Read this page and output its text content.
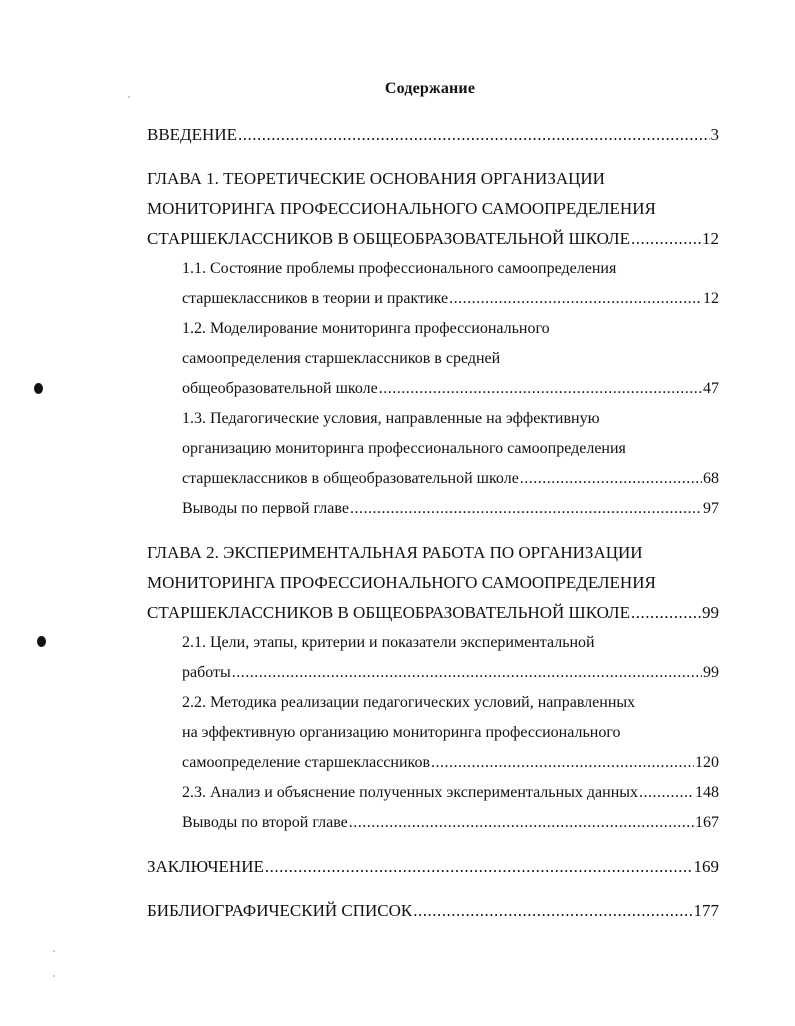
Содержание
ВВЕДЕНИЕ .....	3
ГЛАВА 1. ТЕОРЕТИЧЕСКИЕ ОСНОВАНИЯ ОРГАНИЗАЦИИ
МОНИТОРИНГА ПРОФЕССИОНАЛЬНОГО САМООПРЕДЕЛЕНИЯ
СТАРШЕКЛАССНИКОВ В ОБЩЕОБРАЗОВАТЕЛЬНОЙ ШКОЛЕ .....	12
1.1. Состояние проблемы профессионального самоопределения
старшеклассников в теории и практике .....	12
1.2. Моделирование мониторинга профессионального
самоопределения старшеклассников в средней
общеобразовательной школе .....	47
1.3. Педагогические условия, направленные на эффективную
организацию мониторинга профессионального самоопределения
старшеклассников в общеобразовательной школе .....	68
Выводы по первой главе .....	97
ГЛАВА 2. ЭКСПЕРИМЕНТАЛЬНАЯ РАБОТА ПО ОРГАНИЗАЦИИ
МОНИТОРИНГА ПРОФЕССИОНАЛЬНОГО САМООПРЕДЕЛЕНИЯ
СТАРШЕКЛАССНИКОВ В ОБЩЕОБРАЗОВАТЕЛЬНОЙ ШКОЛЕ .....	99
2.1. Цели, этапы, критерии и показатели экспериментальной
работы .....	99
2.2. Методика реализации педагогических условий, направленных
на эффективную организацию мониторинга профессионального
самоопределение старшеклассников .....	120
2.3. Анализ и объяснение полученных экспериментальных данных .....	148
Выводы по второй главе .....	167
ЗАКЛЮЧЕНИЕ .....	169
БИБЛИОГРАФИЧЕСКИЙ СПИСОК .....	177
